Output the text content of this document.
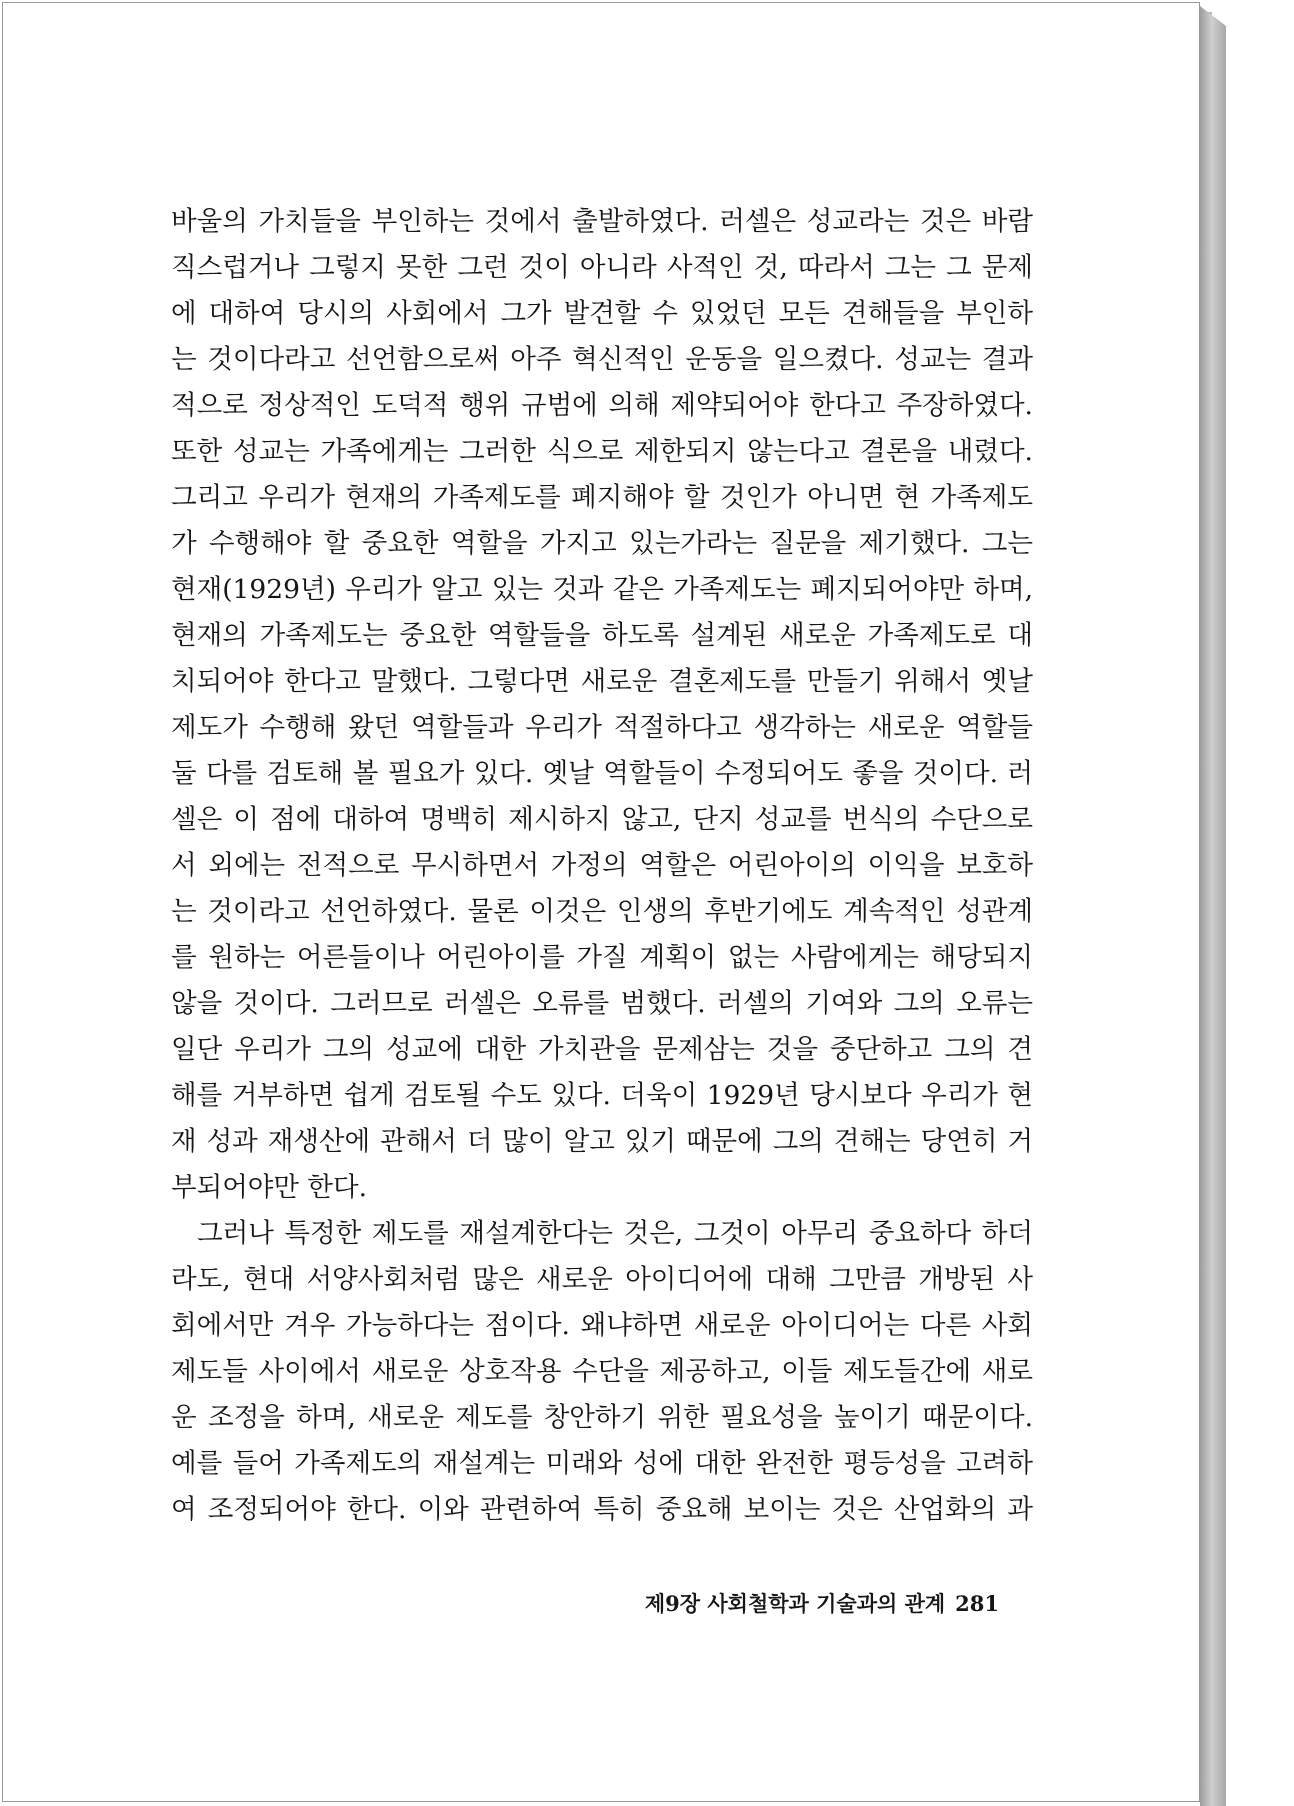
바울의 가치들을 부인하는 것에서 출발하였다. 러셀은 성교라는 것은 바람
직스럽거나 그렇지 못한 그런 것이 아니라 사적인 것, 따라서 그는 그 문제
에 대하여 당시의 사회에서 그가 발견할 수 있었던 모든 견해들을 부인하
는 것이다라고 선언함으로써 아주 혁신적인 운동을 일으켰다. 성교는 결과
적으로 정상적인 도덕적 행위 규범에 의해 제약되어야 한다고 주장하였다.
또한 성교는 가족에게는 그러한 식으로 제한되지 않는다고 결론을 내렸다.
그리고 우리가 현재의 가족제도를 폐지해야 할 것인가 아니면 현 가족제도
가 수행해야 할 중요한 역할을 가지고 있는가라는 질문을 제기했다. 그는
현재(1929년) 우리가 알고 있는 것과 같은 가족제도는 폐지되어야만 하며,
현재의 가족제도는 중요한 역할들을 하도록 설계된 새로운 가족제도로 대
치되어야 한다고 말했다. 그렇다면 새로운 결혼제도를 만들기 위해서 옛날
제도가 수행해 왔던 역할들과 우리가 적절하다고 생각하는 새로운 역할들
둘 다를 검토해 볼 필요가 있다. 옛날 역할들이 수정되어도 좋을 것이다. 러
셀은 이 점에 대하여 명백히 제시하지 않고, 단지 성교를 번식의 수단으로
서 외에는 전적으로 무시하면서 가정의 역할은 어린아이의 이익을 보호하
는 것이라고 선언하였다. 물론 이것은 인생의 후반기에도 계속적인 성관계
를 원하는 어른들이나 어린아이를 가질 계획이 없는 사람에게는 해당되지
않을 것이다. 그러므로 러셀은 오류를 범했다. 러셀의 기여와 그의 오류는
일단 우리가 그의 성교에 대한 가치관을 문제삼는 것을 중단하고 그의 견
해를 거부하면 쉽게 검토될 수도 있다. 더욱이 1929년 당시보다 우리가 현
재 성과 재생산에 관해서 더 많이 알고 있기 때문에 그의 견해는 당연히 거
부되어야만 한다.
그러나 특정한 제도를 재설계한다는 것은, 그것이 아무리 중요하다 하더
라도, 현대 서양사회처럼 많은 새로운 아이디어에 대해 그만큼 개방된 사
회에서만 겨우 가능하다는 점이다. 왜냐하면 새로운 아이디어는 다른 사회
제도들 사이에서 새로운 상호작용 수단을 제공하고, 이들 제도들간에 새로
운 조정을 하며, 새로운 제도를 창안하기 위한 필요성을 높이기 때문이다.
예를 들어 가족제도의 재설계는 미래와 성에 대한 완전한 평등성을 고려하
여 조정되어야 한다. 이와 관련하여 특히 중요해 보이는 것은 산업화의 과
제9장 사회철학과 기술과의 관계 281
